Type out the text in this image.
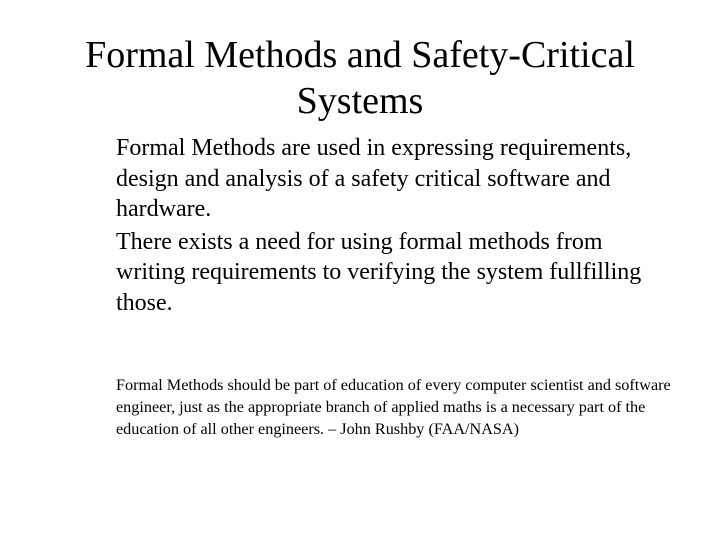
Formal Methods and Safety-Critical
Systems
Formal Methods are used in expressing requirements, design and analysis of a safety critical software and hardware.
There exists a need for using formal methods from writing requirements to verifying the system fullfilling those.

Formal Methods should be part of education of every computer scientist and software engineer, just as the appropriate branch of applied maths is a necessary part of the education of all other engineers. – John Rushby (FAA/NASA)
